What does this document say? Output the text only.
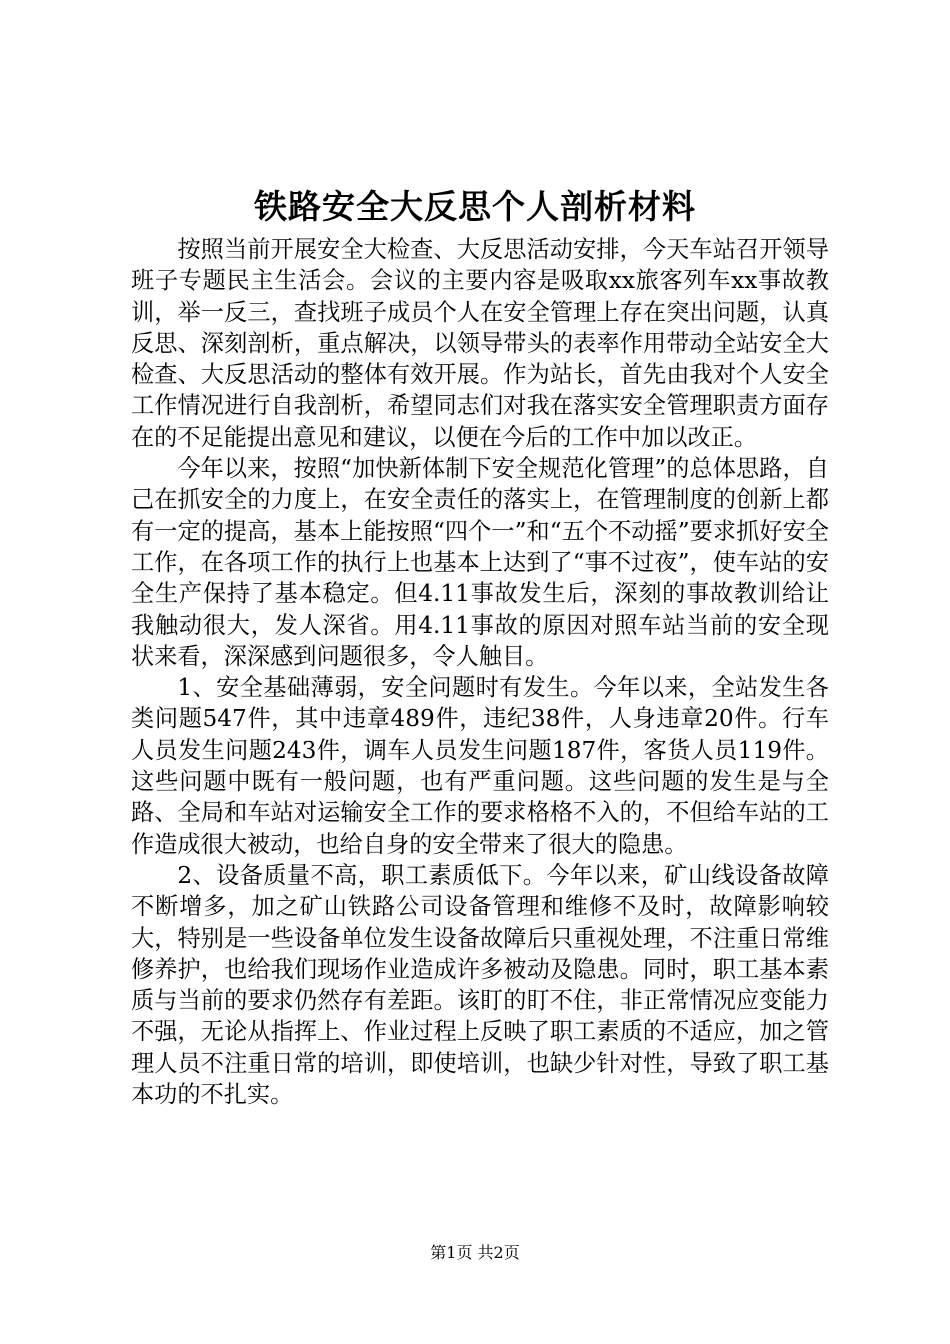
铁路安全大反思个人剖析材料

按照当前开展安全大检查、大反思活动安排，今天车站召开领导班子专题民主生活会。会议的主要内容是吸取xx旅客列车xx事故教训，举一反三，查找班子成员个人在安全管理上存在突出问题，认真反思、深刻剖析，重点解决，以领导带头的表率作用带动全站安全大检查、大反思活动的整体有效开展。作为站长，首先由我对个人安全工作情况进行自我剖析，希望同志们对我在落实安全管理职责方面存在的不足能提出意见和建议，以便在今后的工作中加以改正。

今年以来，按照“加快新体制下安全规范化管理”的总体思路，自己在抓安全的力度上，在安全责任的落实上，在管理制度的创新上都有一定的提高，基本上能按照“四个一”和“五个不动摇”要求抓好安全工作，在各项工作的执行上也基本上达到了“事不过夜”，使车站的安全生产保持了基本稳定。但4.11事故发生后，深刻的事故教训给让我触动很大，发人深省。用4.11事故的原因对照车站当前的安全现状来看，深深感到问题很多，令人触目。

1、安全基础薄弱，安全问题时有发生。今年以来，全站发生各类问题547件，其中违章489件，违纪38件，人身违章20件。行车人员发生问题243件，调车人员发生问题187件，客货人员119件。这些问题中既有一般问题，也有严重问题。这些问题的发生是与全路、全局和车站对运输安全工作的要求格格不入的，不但给车站的工作造成很大被动，也给自身的安全带来了很大的隐患。

2、设备质量不高，职工素质低下。今年以来，矿山线设备故障不断增多，加之矿山铁路公司设备管理和维修不及时，故障影响较大，特别是一些设备单位发生设备故障后只重视处理，不注重日常维修养护，也给我们现场作业造成许多被动及隐患。同时，职工基本素质与当前的要求仍然存有差距。该盯的盯不住，非正常情况应变能力不强，无论从指挥上、作业过程上反映了职工素质的不适应，加之管理人员不注重日常的培训，即使培训，也缺少针对性，导致了职工基本功的不扎实。

第1页 共2页
